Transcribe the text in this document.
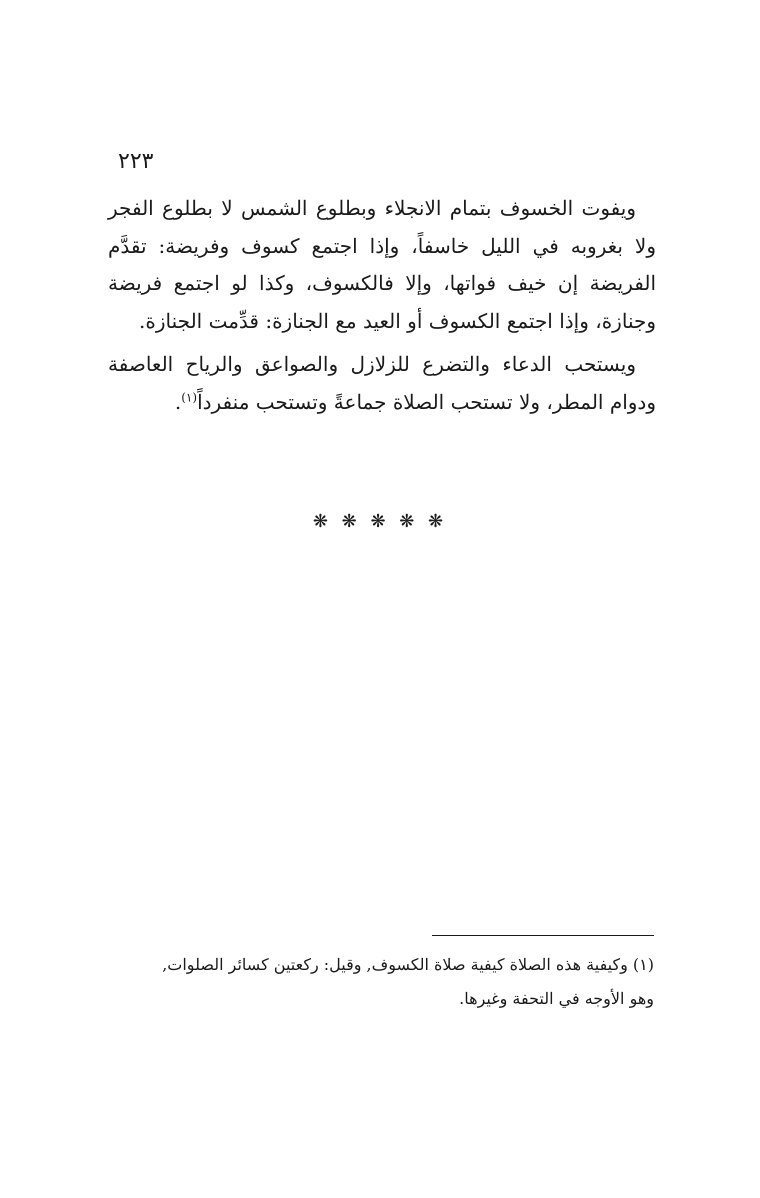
٢٢٣

ويفوت الخسوف بتمام الانجلاء وبطلوع الشمس لا بطلوع الفجر ولا بغروبه في الليل خاسفاً، وإذا اجتمع كسوف وفريضة: تقدَّم الفريضة إن خيف فواتها، وإلا فالكسوف، وكذا لو اجتمع فريضة وجنازة، وإذا اجتمع الكسوف أو العيد مع الجنازة: قدِّمت الجنازة.

ويستحب الدعاء والتضرع للزلازل والصواعق والرياح العاصفة ودوام المطر، ولا تستحب الصلاة جماعةً وتستحب منفرداً$^{(١)}$.

❋ ❋ ❋ ❋ ❋

(١) وكيفية هذه الصلاة كيفية صلاة الكسوف, وقيل: ركعتين كسائر الصلوات,

وهو الأوجه في التحفة وغيرها.
